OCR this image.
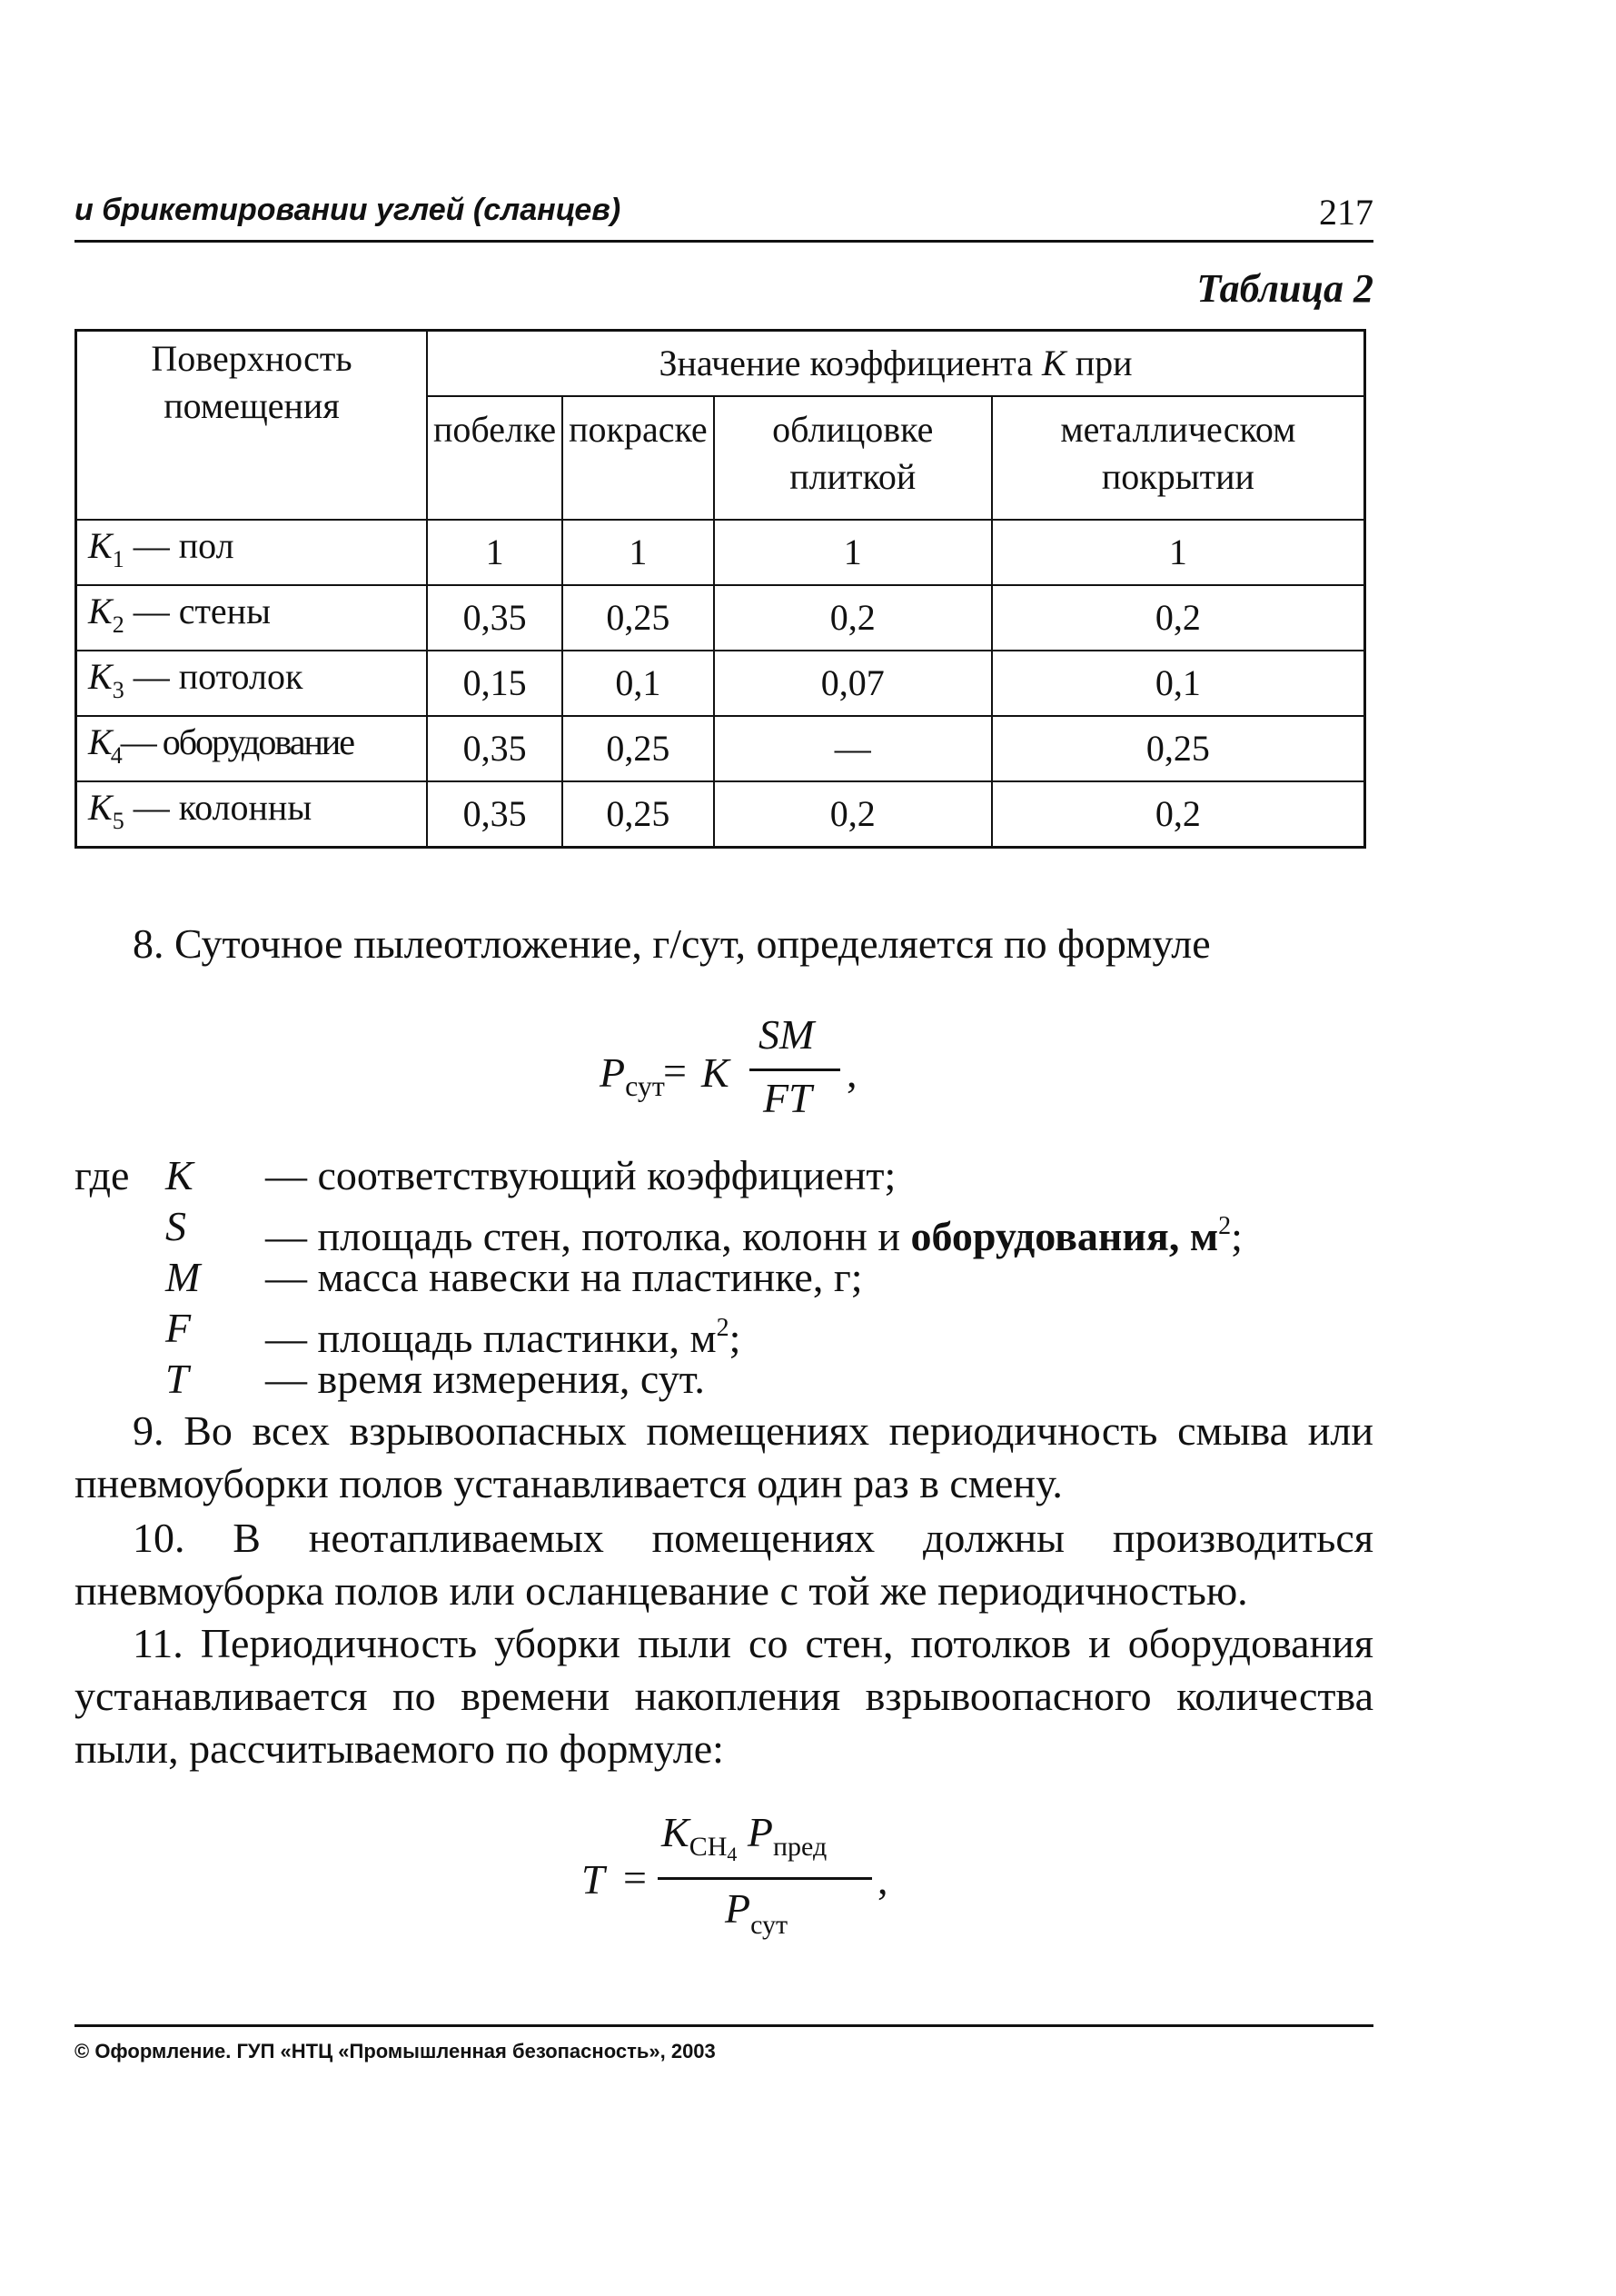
и брикетировании углей (сланцев)	217
Таблица 2
Поверхность помещения	Значение коэффициента K при			
	побелке	покраске	облицовке плиткой	металлическом покрытии
$K_1$ — пол	1	1	1	1
$K_2$ — стены	0,35	0,25	0,2	0,2
$K_3$ — потолок	0,15	0,1	0,07	0,1
$K_4—$ оборудование	0,35	0,25	—	0,25
$K_5$ — колонны	0,35	0,25	0,2	0,2
8. Суточное пылеотложение, г/сут, определяется по формуле
$P_{сут}$
= K
SM
FT
,
где K — соответствующий коэффициент;
S — площадь стен, потолка, колонн и оборудования, $м^2$;
M — масса навески на пластинке, г;
F — площадь пластинки, $м^2$;
T — время измерения, сут.
9. Во всех взрывоопасных помещениях периодичность смыва или пневмоуборки полов устанавливается один раз в смену.
10. В неотапливаемых помещениях должны производиться пневмоуборка полов или осланцевание с той же периодичностью.
11. Периодичность уборки пыли со стен, потолков и оборудования устанавливается по времени накопления взрывоопасного количества пыли, рассчитываемого по формуле:
T =
$K_{CH_4}$ $P_{пред}$
$P_{сут}$
,
© Оформление. ГУП «НТЦ «Промышленная безопасность», 2003
